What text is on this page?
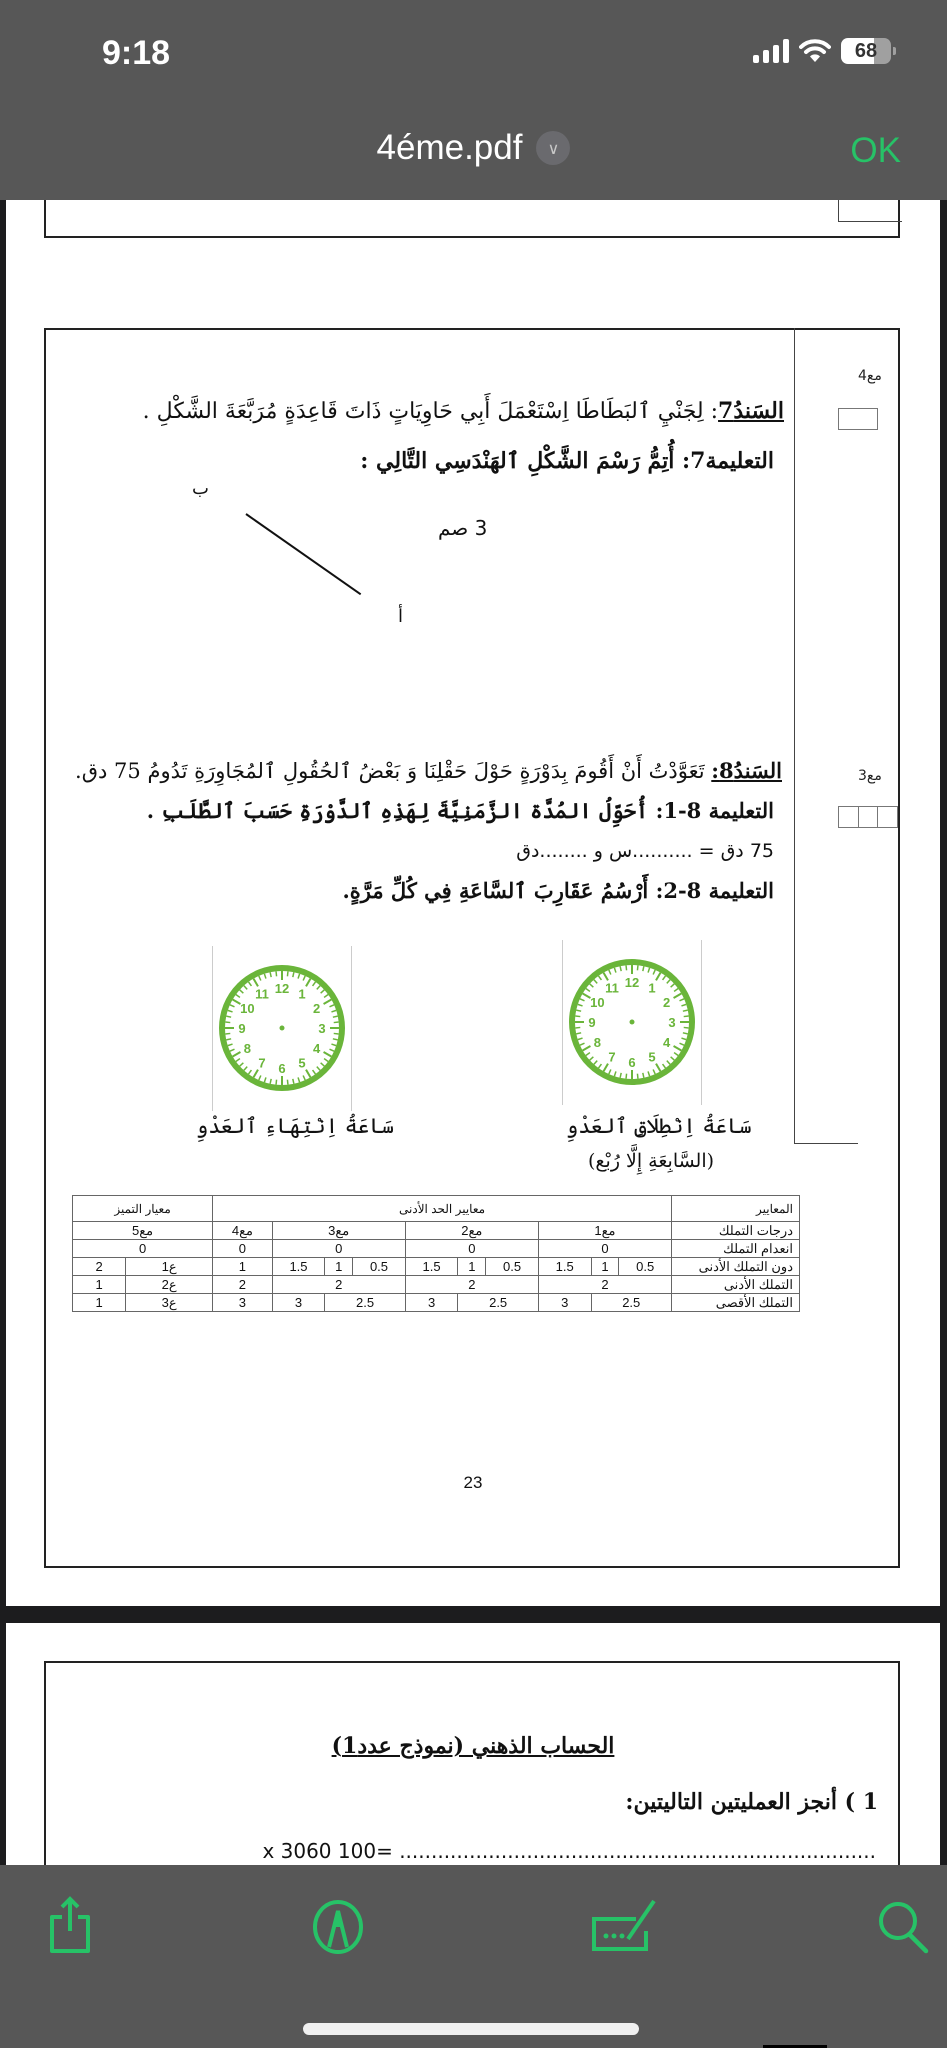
9:18	68
4éme.pdf	∨	OK
مع4
مع3
السَندُ7: لِجَنْيِ ٱلبَطَاطَا اِسْتَعْمَلَ أَبِي حَاوِيَاتٍ ذَاتَ قَاعِدَةٍ مُرَبَّعَةَ الشَّكْلِ .
التعليمة7: أُتِمُّ رَسْمَ الشَّكْلِ ٱلهَنْدَسِي التَّالِي :
ب
أ
3 صم
السَندُ8: تَعَوَّدْتُ أَنْ أَقُومَ بِدَوْرَةٍ حَوْلَ حَقْلِنَا وَ بَعْضُ ٱلحُقُولِ ٱلمُجَاوِرَةِ تَدُومُ 75 دق.
التعليمة 8-1: أُحَوِّلُ المُدَّة الزَّمَنِيَّةَ لِهَذِهِ ٱلدَّوْرَةِ حَسَبَ ٱلطَّلَبِ .
75 دق = ..........س و ........دق
التعليمة 8-2: أَرْسُمُ عَقَارِبَ ٱلسَّاعَةِ فِي كُلِّ مَرَّةٍ.
12 1
2
3
4
5
6
7
8
9
10
11
سَاعَةُ اِنْطِلَاقِ ٱلعَدْوِ
(السَّابِعَةِ إِلَّا رُبْع)
12 1
2
3
4
5
6
7
8
9
10
11
سَاعَةُ اِنْتِهَاءِ ٱلعَدْوِ
المعايير	معايير الحد الأدنى										معيار التميز	
درجات التملك	مع1			مع2			مع3			مع4	مع5	
انعدام التملك	0			0			0			0	0	
دون التملك الأدنى	0.5	1	1.5	0.5	1	1.5	0.5	1	1.5	1	ع1	2
التملك الأدنى	2			2			2			2	ع2	1
التملك الأقصى	2.5		3	2.5		3	2.5		3	3	ع3	1
23
الحساب الذهني (نموذج عدد1)
1 ) أنجز العمليتين التاليتين:
........................................................................... =100 x 3060
